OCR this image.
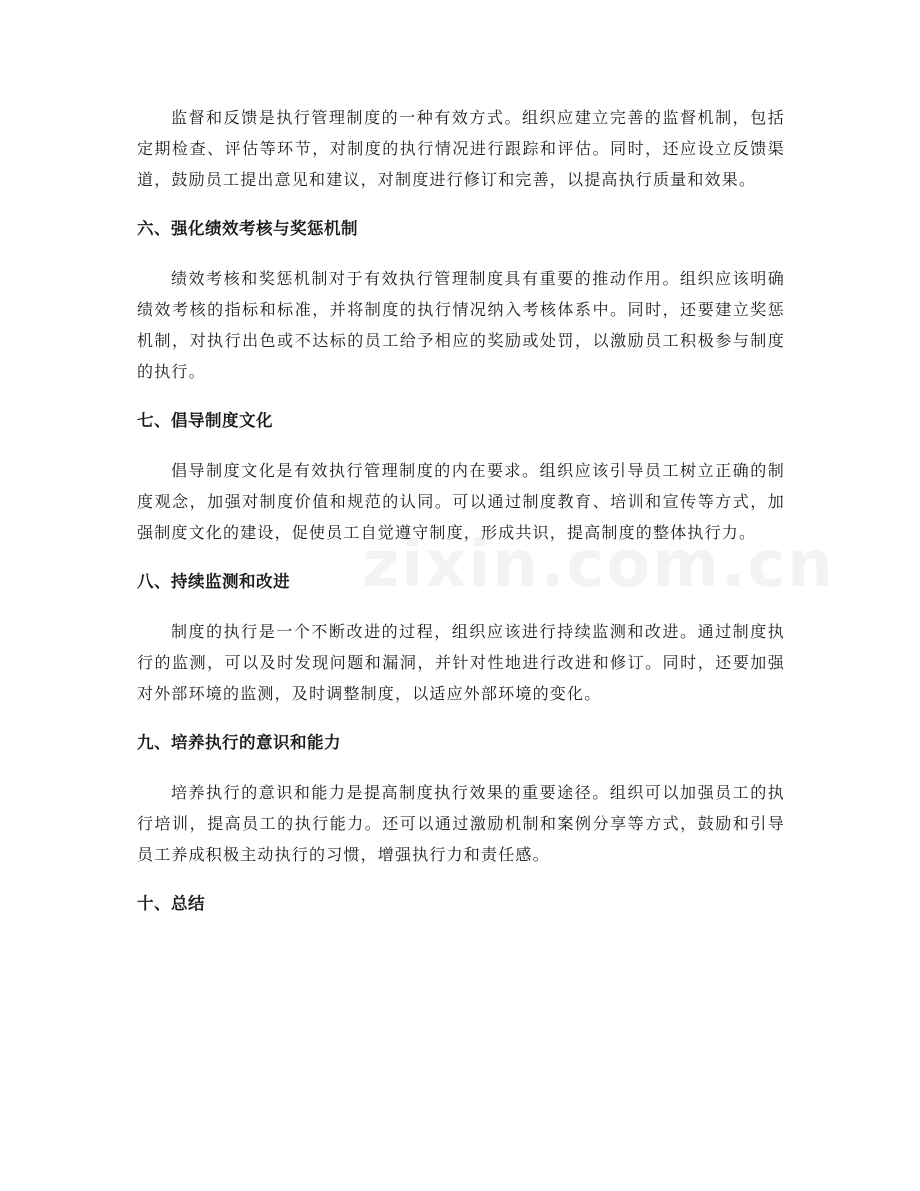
监督和反馈是执行管理制度的一种有效方式。组织应建立完善的监督机制，包括定期检查、评估等环节，对制度的执行情况进行跟踪和评估。同时，还应设立反馈渠道，鼓励员工提出意见和建议，对制度进行修订和完善，以提高执行质量和效果。

六、强化绩效考核与奖惩机制

绩效考核和奖惩机制对于有效执行管理制度具有重要的推动作用。组织应该明确绩效考核的指标和标准，并将制度的执行情况纳入考核体系中。同时，还要建立奖惩机制，对执行出色或不达标的员工给予相应的奖励或处罚，以激励员工积极参与制度的执行。

七、倡导制度文化

倡导制度文化是有效执行管理制度的内在要求。组织应该引导员工树立正确的制度观念，加强对制度价值和规范的认同。可以通过制度教育、培训和宣传等方式，加强制度文化的建设，促使员工自觉遵守制度，形成共识，提高制度的整体执行力。

八、持续监测和改进

制度的执行是一个不断改进的过程，组织应该进行持续监测和改进。通过制度执行的监测，可以及时发现问题和漏洞，并针对性地进行改进和修订。同时，还要加强对外部环境的监测，及时调整制度，以适应外部环境的变化。

九、培养执行的意识和能力

培养执行的意识和能力是提高制度执行效果的重要途径。组织可以加强员工的执行培训，提高员工的执行能力。还可以通过激励机制和案例分享等方式，鼓励和引导员工养成积极主动执行的习惯，增强执行力和责任感。

十、总结
